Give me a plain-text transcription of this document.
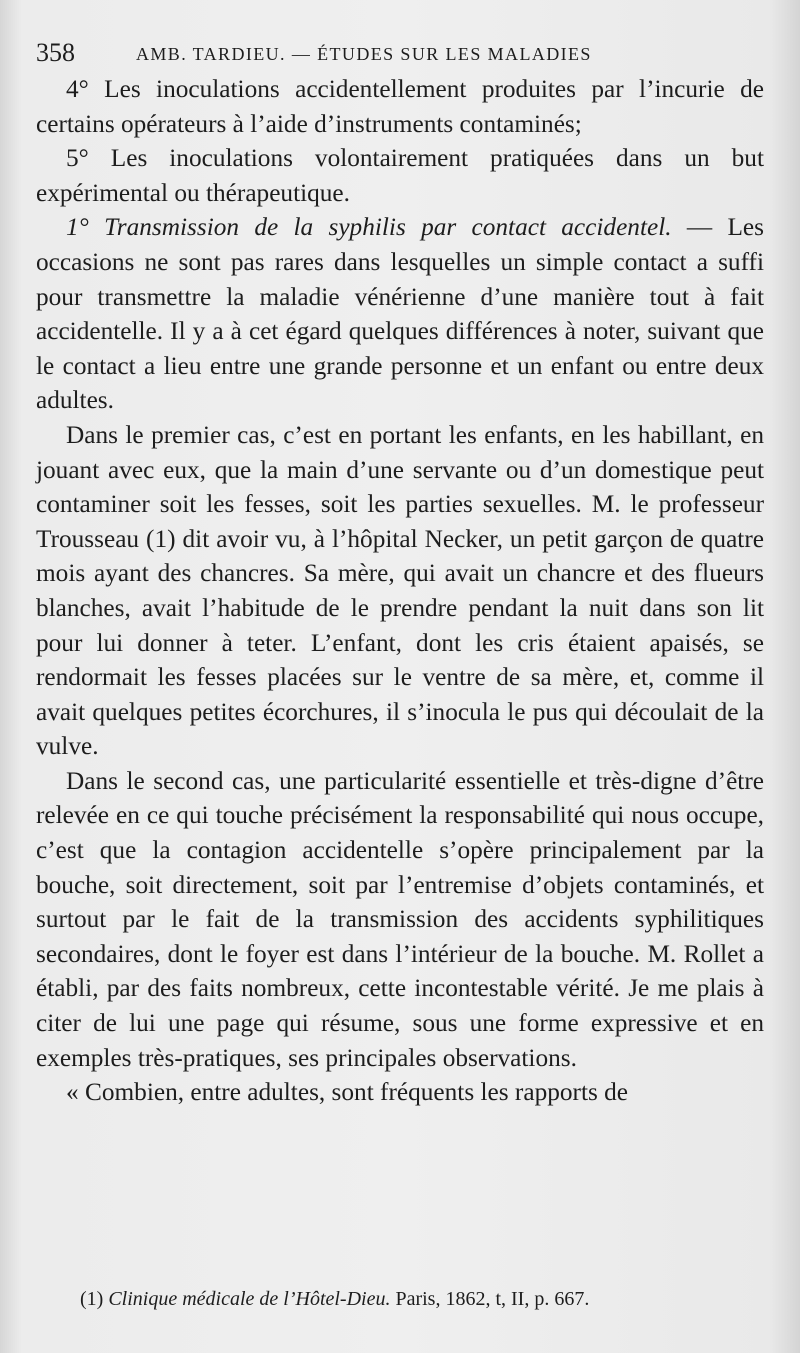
358	AMB. TARDIEU. — ÉTUDES SUR LES MALADIES

4° Les inoculations accidentellement produites par l’incurie de certains opérateurs à l’aide d’instruments contaminés;

5° Les inoculations volontairement pratiquées dans un but expérimental ou thérapeutique.

1° Transmission de la syphilis par contact accidentel. — Les occasions ne sont pas rares dans lesquelles un simple contact a suffi pour transmettre la maladie vénérienne d’une manière tout à fait accidentelle. Il y a à cet égard quelques différences à noter, suivant que le contact a lieu entre une grande personne et un enfant ou entre deux adultes.

Dans le premier cas, c’est en portant les enfants, en les habillant, en jouant avec eux, que la main d’une servante ou d’un domestique peut contaminer soit les fesses, soit les parties sexuelles. M. le professeur Trousseau (1) dit avoir vu, à l’hôpital Necker, un petit garçon de quatre mois ayant des chancres. Sa mère, qui avait un chancre et des flueurs blanches, avait l’habitude de le prendre pendant la nuit dans son lit pour lui donner à teter. L’enfant, dont les cris étaient apaisés, se rendormait les fesses placées sur le ventre de sa mère, et, comme il avait quelques petites écorchures, il s’inocula le pus qui découlait de la vulve.

Dans le second cas, une particularité essentielle et très-digne d’être relevée en ce qui touche précisément la responsabilité qui nous occupe, c’est que la contagion accidentelle s’opère principalement par la bouche, soit directement, soit par l’entremise d’objets contaminés, et surtout par le fait de la transmission des accidents syphilitiques secondaires, dont le foyer est dans l’intérieur de la bouche. M. Rollet a établi, par des faits nombreux, cette incontestable vérité. Je me plais à citer de lui une page qui résume, sous une forme expressive et en exemples très-pratiques, ses principales observations.

« Combien, entre adultes, sont fréquents les rapports de

(1) Clinique médicale de l’Hôtel-Dieu. Paris, 1862, t, II, p. 667.
